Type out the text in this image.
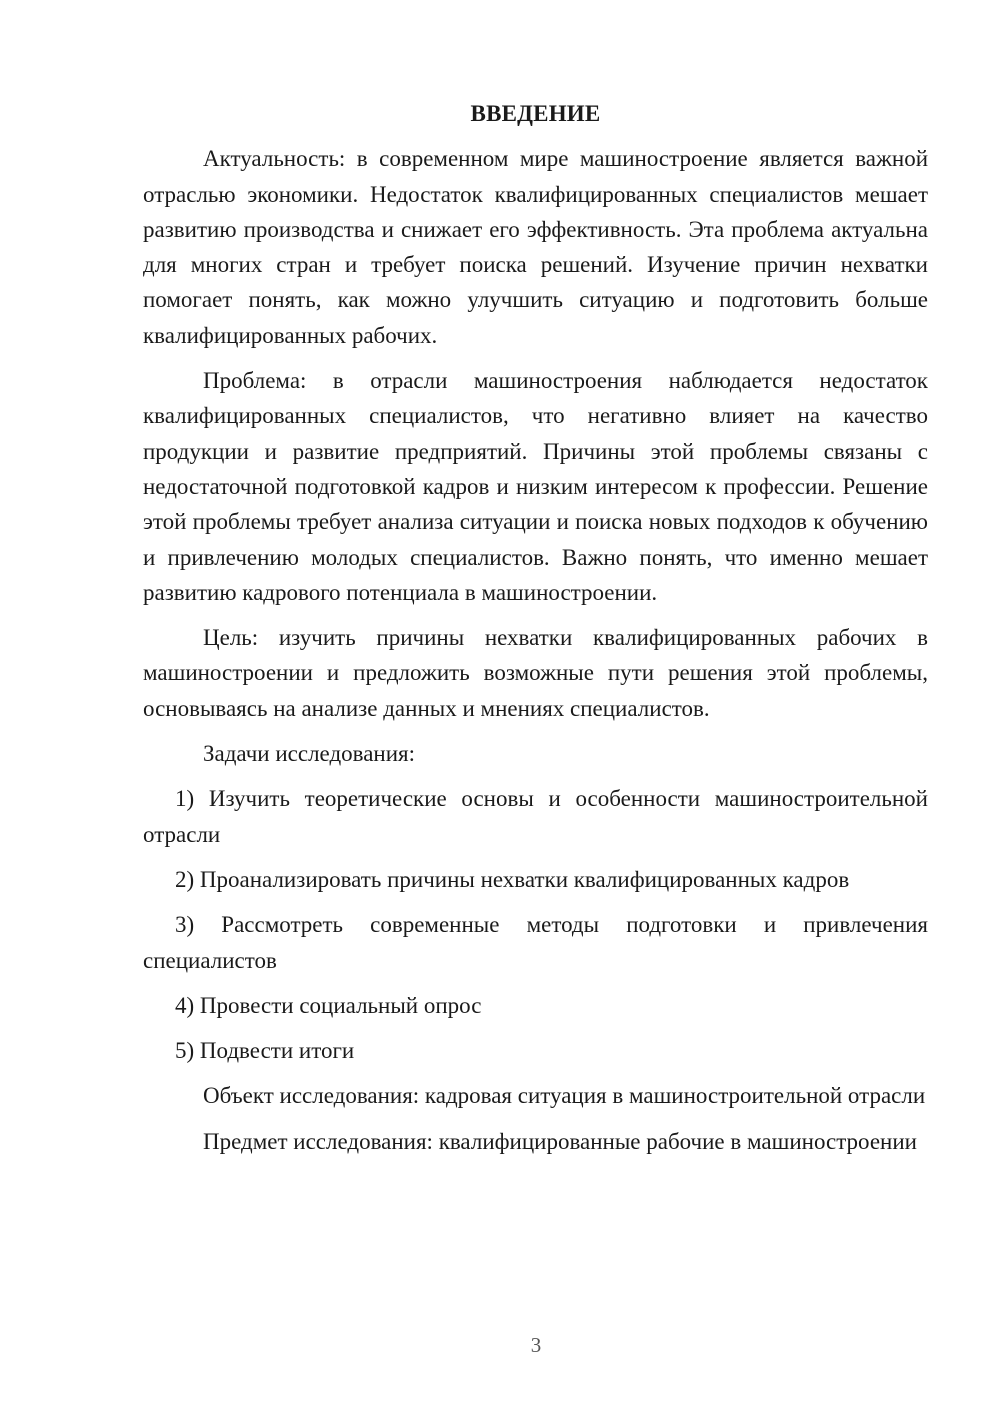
ВВЕДЕНИЕ

Актуальность: в современном мире машиностроение является важной отраслью экономики. Недостаток квалифицированных специалистов мешает развитию производства и снижает его эффективность. Эта проблема актуальна для многих стран и требует поиска решений. Изучение причин нехватки помогает понять, как можно улучшить ситуацию и подготовить больше квалифицированных рабочих.

Проблема: в отрасли машиностроения наблюдается недостаток квалифицированных специалистов, что негативно влияет на качество продукции и развитие предприятий. Причины этой проблемы связаны с недостаточной подготовкой кадров и низким интересом к профессии. Решение этой проблемы требует анализа ситуации и поиска новых подходов к обучению и привлечению молодых специалистов. Важно понять, что именно мешает развитию кадрового потенциала в машиностроении.

Цель: изучить причины нехватки квалифицированных рабочих в машиностроении и предложить возможные пути решения этой проблемы, основываясь на анализе данных и мнениях специалистов.

Задачи исследования:

1) Изучить теоретические основы и особенности машиностроительной отрасли

2) Проанализировать причины нехватки квалифицированных кадров

3) Рассмотреть современные методы подготовки и привлечения специалистов

4) Провести социальный опрос

5) Подвести итоги

Объект исследования: кадровая ситуация в машиностроительной отрасли

Предмет исследования: квалифицированные рабочие в машиностроении

3
